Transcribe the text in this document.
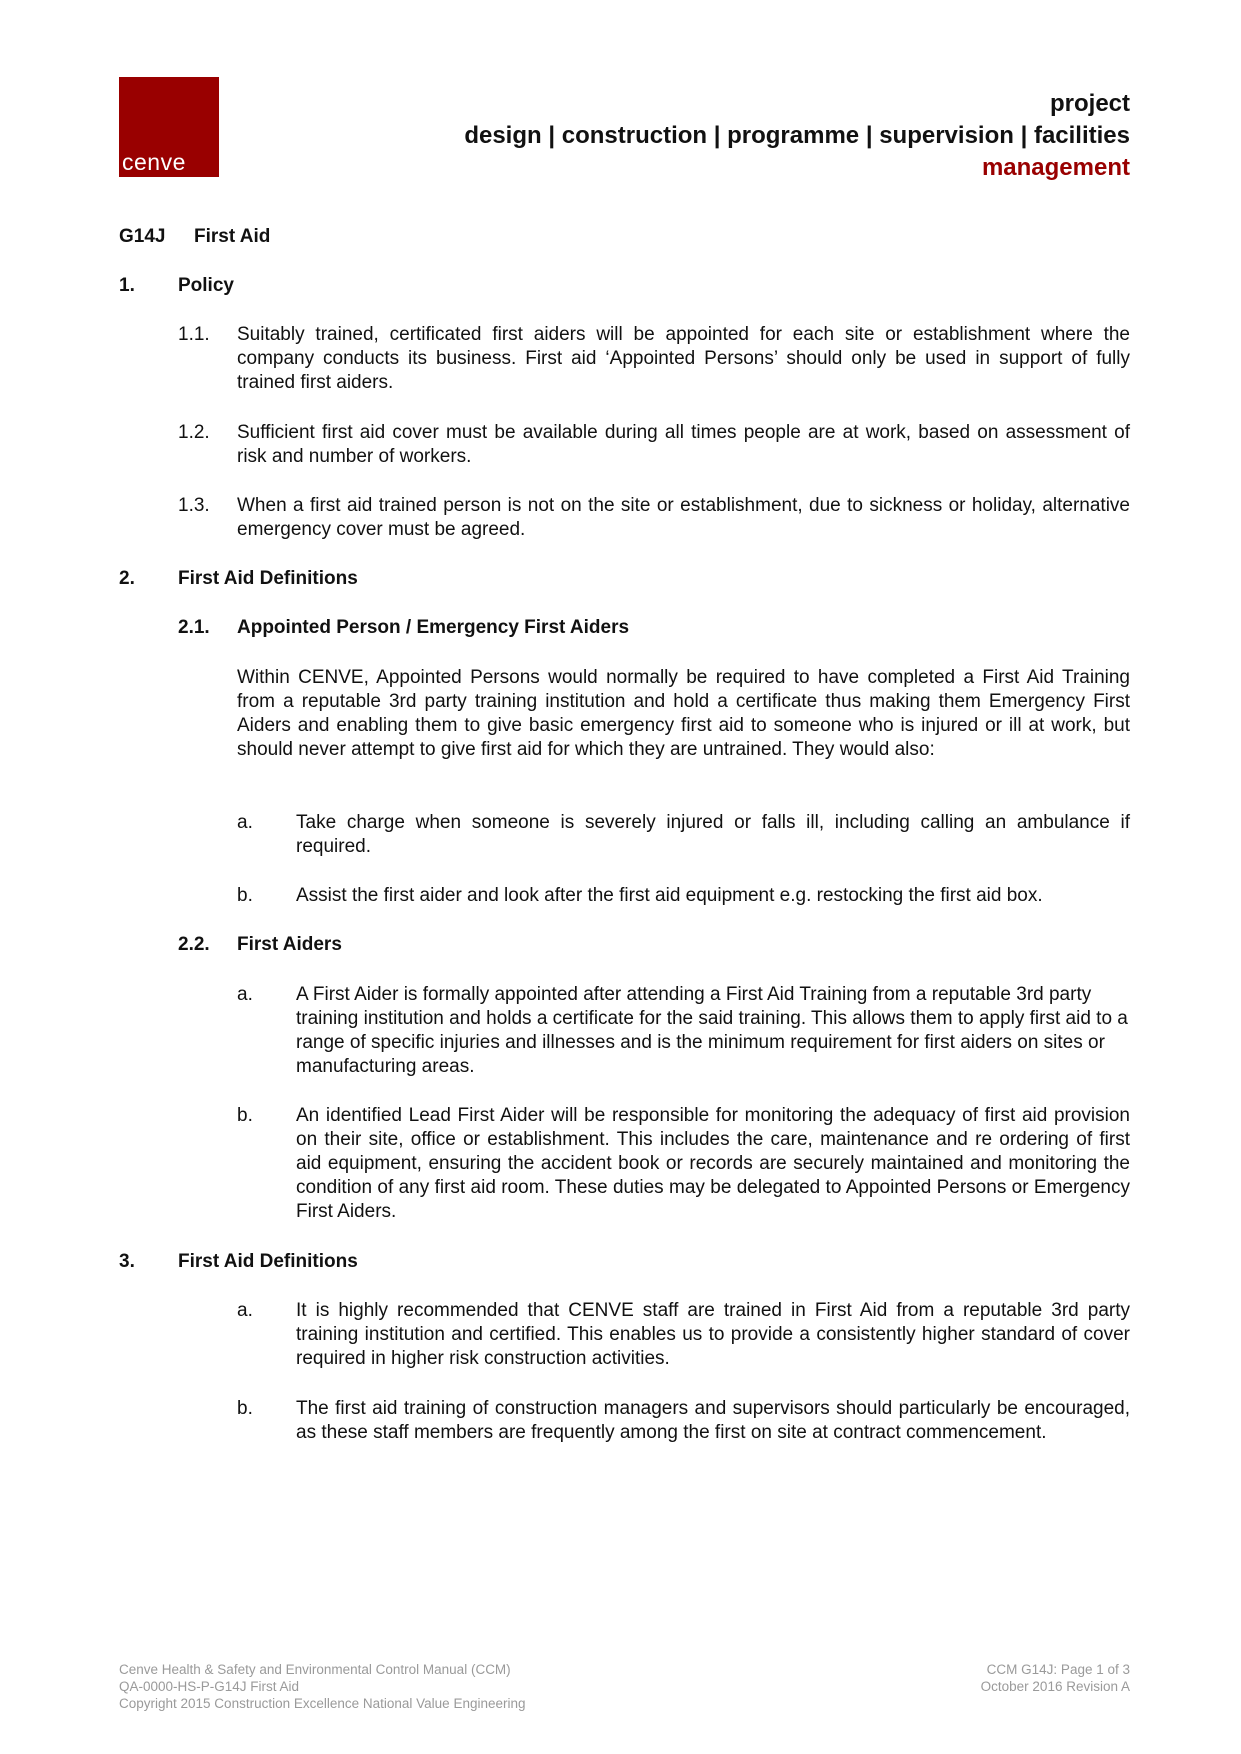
cenve
project
design | construction | programme | supervision | facilities
management
G14J First Aid
1. Policy
1.1. Suitably trained, certificated first aiders will be appointed for each site or establishment where the company conducts its business. First aid ‘Appointed Persons’ should only be used in support of fully trained first aiders.
1.2. Sufficient first aid cover must be available during all times people are at work, based on assessment of risk and number of workers.
1.3. When a first aid trained person is not on the site or establishment, due to sickness or holiday, alternative emergency cover must be agreed.
2. First Aid Definitions
2.1. Appointed Person / Emergency First Aiders
Within CENVE, Appointed Persons would normally be required to have completed a First Aid Training from a reputable 3rd party training institution and hold a certificate thus making them Emergency First Aiders and enabling them to give basic emergency first aid to someone who is injured or ill at work, but should never attempt to give first aid for which they are untrained. They would also:
a. Take charge when someone is severely injured or falls ill, including calling an ambulance if required.
b. Assist the first aider and look after the first aid equipment e.g. restocking the first aid box.
2.2. First Aiders
a. A First Aider is formally appointed after attending a First Aid Training from a reputable 3rd party training institution and holds a certificate for the said training. This allows them to apply first aid to a range of specific injuries and illnesses and is the minimum requirement for first aiders on sites or manufacturing areas.
b. An identified Lead First Aider will be responsible for monitoring the adequacy of first aid provision on their site, office or establishment. This includes the care, maintenance and re ordering of first aid equipment, ensuring the accident book or records are securely maintained and monitoring the condition of any first aid room. These duties may be delegated to Appointed Persons or Emergency First Aiders.
3. First Aid Definitions
a. It is highly recommended that CENVE staff are trained in First Aid from a reputable 3rd party training institution and certified. This enables us to provide a consistently higher standard of cover required in higher risk construction activities.
b. The first aid training of construction managers and supervisors should particularly be encouraged, as these staff members are frequently among the first on site at contract commencement.
Cenve Health & Safety and Environmental Control Manual (CCM)
QA-0000-HS-P-G14J First Aid
Copyright 2015 Construction Excellence National Value Engineering
CCM G14J: Page 1 of 3
October 2016 Revision A
